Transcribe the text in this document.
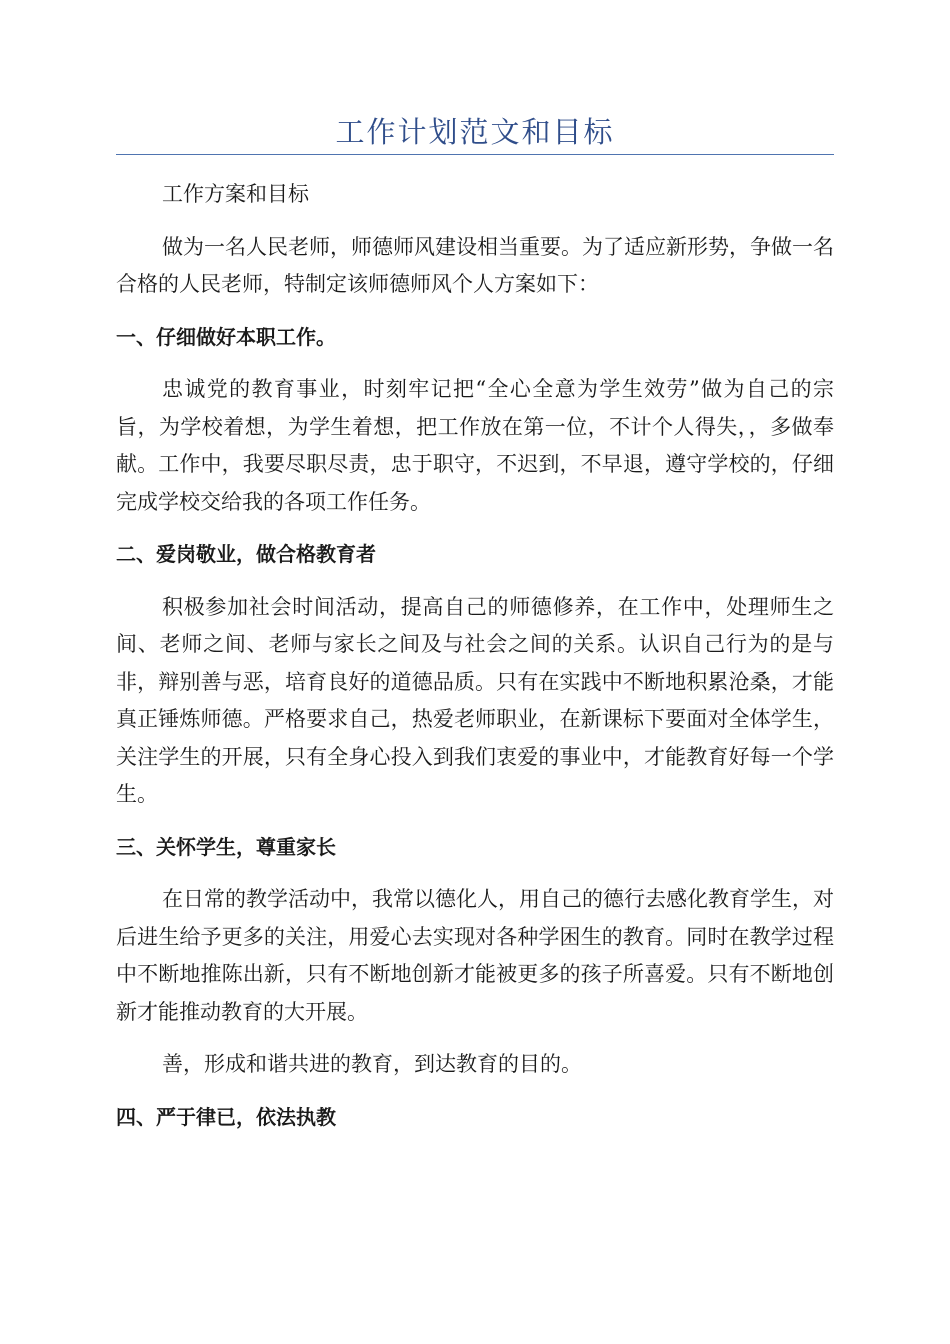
工作计划范文和目标

工作方案和目标

做为一名人民老师，师德师风建设相当重要。为了适应新形势，争做一名合格的人民老师，特制定该师德师风个人方案如下：

一、仔细做好本职工作。

忠诚党的教育事业，时刻牢记把“全心全意为学生效劳”做为自己的宗旨，为学校着想，为学生着想，把工作放在第一位，不计个人得失，，多做奉献。工作中，我要尽职尽责，忠于职守，不迟到，不早退，遵守学校的，仔细完成学校交给我的各项工作任务。

二、爱岗敬业，做合格教育者

积极参加社会时间活动，提高自己的师德修养，在工作中，处理师生之间、老师之间、老师与家长之间及与社会之间的关系。认识自己行为的是与非，辩别善与恶，培育良好的道德品质。只有在实践中不断地积累沧桑，才能真正锤炼师德。严格要求自己，热爱老师职业，在新课标下要面对全体学生，关注学生的开展，只有全身心投入到我们衷爱的事业中，才能教育好每一个学生。

三、关怀学生，尊重家长

在日常的教学活动中，我常以德化人，用自己的德行去感化教育学生，对后进生给予更多的关注，用爱心去实现对各种学困生的教育。同时在教学过程中不断地推陈出新，只有不断地创新才能被更多的孩子所喜爱。只有不断地创新才能推动教育的大开展。

善，形成和谐共进的教育，到达教育的目的。

四、严于律已，依法执教
